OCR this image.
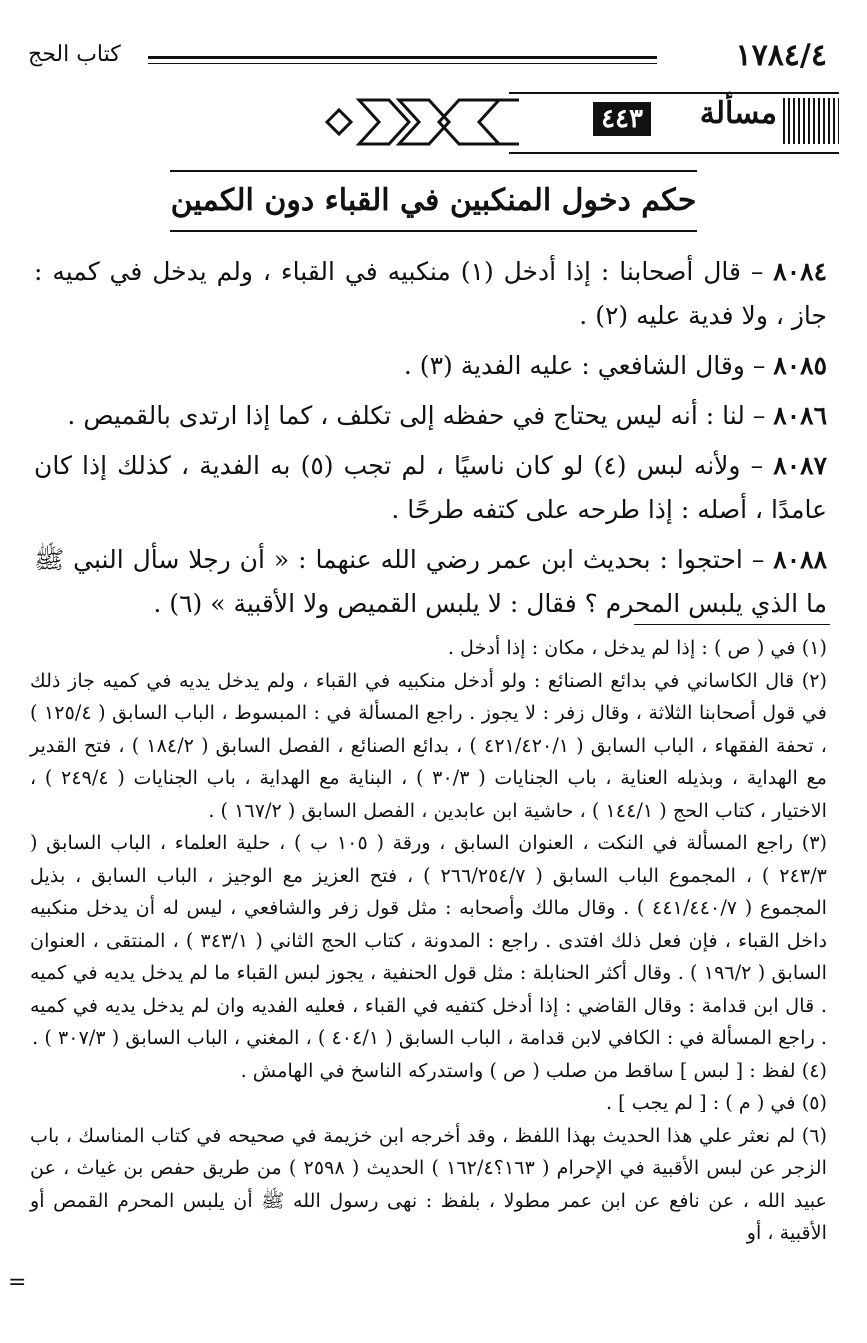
١٧٨٤/٤
كتاب الحج
مسألة
٤٤٣
حكم دخول المنكبين في القباء دون الكمين

٨٠٨٤ – قال أصحابنا : إذا أدخل (١) منكبيه في القباء ، ولم يدخل في كميه : جاز ، ولا فدية عليه (٢) .

٨٠٨٥ – وقال الشافعي : عليه الفدية (٣) .

٨٠٨٦ – لنا : أنه ليس يحتاج في حفظه إلى تكلف ، كما إذا ارتدى بالقميص .

٨٠٨٧ – ولأنه لبس (٤) لو كان ناسيًا ، لم تجب (٥) به الفدية ، كذلك إذا كان عامدًا ، أصله : إذا طرحه على كتفه طرحًا .

٨٠٨٨ – احتجوا : بحديث ابن عمر رضي الله عنهما : « أن رجلا سأل النبي ﷺ ما الذي يلبس المحرم ؟ فقال : لا يلبس القميص ولا الأقبية » (٦) .

(١) في ( ص ) : إذا لم يدخل ، مكان : إذا أدخل .

(٢) قال الكاساني في بدائع الصنائع : ولو أدخل منكبيه في القباء ، ولم يدخل يديه في كميه جاز ذلك في قول أصحابنا الثلاثة ، وقال زفر : لا يجوز . راجع المسألة في : المبسوط ، الباب السابق ( ١٢٥/٤ ) ، تحفة الفقهاء ، الباب السابق ( ٤٢١/٤٢٠/١ ) ، بدائع الصنائع ، الفصل السابق ( ١٨٤/٢ ) ، فتح القدير مع الهداية ، وبذيله العناية ، باب الجنايات ( ٣٠/٣ ) ، البناية مع الهداية ، باب الجنايات ( ٢٤٩/٤ ) ، الاختيار ، كتاب الحج ( ١٤٤/١ ) ، حاشية ابن عابدين ، الفصل السابق ( ١٦٧/٢ ) .

(٣) راجع المسألة في النكت ، العنوان السابق ، ورقة ( ١٠٥ ب ) ، حلية العلماء ، الباب السابق ( ٢٤٣/٣ ) ، المجموع الباب السابق ( ٢٦٦/٢٥٤/٧ ) ، فتح العزيز مع الوجيز ، الباب السابق ، بذيل المجموع ( ٤٤١/٤٤٠/٧ ) . وقال مالك وأصحابه : مثل قول زفر والشافعي ، ليس له أن يدخل منكبيه داخل القباء ، فإن فعل ذلك افتدى . راجع : المدونة ، كتاب الحج الثاني ( ٣٤٣/١ ) ، المنتقى ، العنوان السابق ( ١٩٦/٢ ) . وقال أكثر الحنابلة : مثل قول الحنفية ، يجوز لبس القباء ما لم يدخل يديه في كميه . قال ابن قدامة : وقال القاضي : إذا أدخل كتفيه في القباء ، فعليه الفديه وان لم يدخل يديه في كميه . راجع المسألة في : الكافي لابن قدامة ، الباب السابق ( ٤٠٤/١ ) ، المغني ، الباب السابق ( ٣٠٧/٣ ) .

(٤) لفظ : [ لبس ] ساقط من صلب ( ص ) واستدركه الناسخ في الهامش .

(٥) في ( م ) : [ لم يجب ] .

(٦) لم نعثر علي هذا الحديث بهذا اللفظ ، وقد أخرجه ابن خزيمة في صحيحه في كتاب المناسك ، باب الزجر عن لبس الأقبية في الإحرام ( ١٦٣؟١٦٢/٤ ) الحديث ( ٢٥٩٨ ) من طريق حفص بن غياث ، عن عبيد الله ، عن نافع عن ابن عمر مطولا ، بلفظ : نهى رسول الله ﷺ أن يلبس المحرم القمص أو الأقبية ، أو

=
